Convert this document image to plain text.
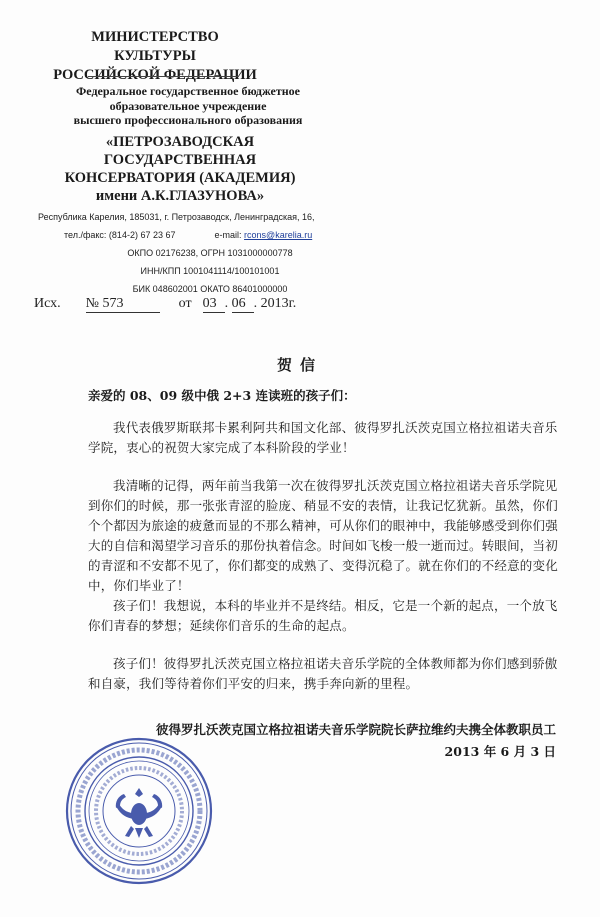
МИНИСТЕРСТВО КУЛЬТУРЫ
РОССИЙСКОЙ ФЕДЕРАЦИИ
Федеральное государственное бюджетное
образовательное учреждение
высшего профессионального образования
«ПЕТРОЗАВОДСКАЯ
ГОСУДАРСТВЕННАЯ
КОНСЕРВАТОРИЯ (АКАДЕМИЯ)
имени А.К.ГЛАЗУНОВА»
Республика Карелия, 185031, г. Петрозаводск, Ленинградская, 16,
тел./факс: (814-2) 67 23 67	e-mail: rcons@karelia.ru
ОКПО 02176238, ОГРН 1031000000778
ИНН/КПП 1001041114/100101001
БИК 048602001 ОКАТО 86401000000
Исх. № 573	от 03 . 06 . 2013г.
贺信
亲爱的 08、09 级中俄 2+3 连读班的孩子们：
我代表俄罗斯联邦卡累利阿共和国文化部、彼得罗扎沃茨克国立格拉祖诺夫音乐学院，衷心的祝贺大家完成了本科阶段的学业！
我清晰的记得，两年前当我第一次在彼得罗扎沃茨克国立格拉祖诺夫音乐学院见到你们的时候，那一张张青涩的脸庞、稍显不安的表情，让我记忆犹新。虽然，你们个个都因为旅途的疲惫而显的不那么精神，可从你们的眼神中，我能够感受到你们强大的自信和渴望学习音乐的那份执着信念。时间如飞梭一般一逝而过。转眼间，当初的青涩和不安都不见了，你们都变的成熟了、变得沉稳了。就在你们的不经意的变化中，你们毕业了！
孩子们！我想说，本科的毕业并不是终结。相反，它是一个新的起点，一个放飞你们青春的梦想；延续你们音乐的生命的起点。
孩子们！彼得罗扎沃茨克国立格拉祖诺夫音乐学院的全体教师都为你们感到骄傲和自豪，我们等待着你们平安的归来，携手奔向新的里程。
彼得罗扎沃茨克国立格拉祖诺夫音乐学院院长萨拉维约夫携全体教职员工
2013 年 6 月 3 日
